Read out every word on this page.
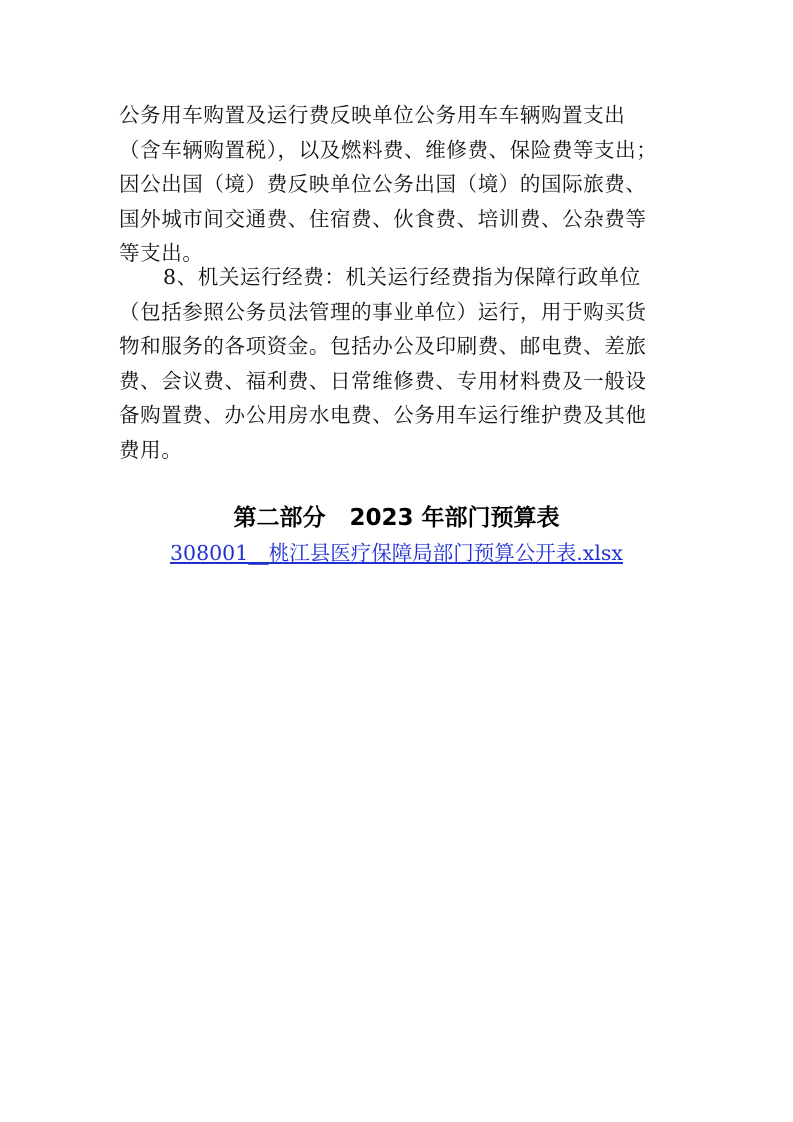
公务用车购置及运行费反映单位公务用车车辆购置支出
（含车辆购置税），以及燃料费、维修费、保险费等支出；
因公出国（境）费反映单位公务出国（境）的国际旅费、
国外城市间交通费、住宿费、伙食费、培训费、公杂费等
等支出。
8、机关运行经费：机关运行经费指为保障行政单位
（包括参照公务员法管理的事业单位）运行，用于购买货
物和服务的各项资金。包括办公及印刷费、邮电费、差旅
费、会议费、福利费、日常维修费、专用材料费及一般设
备购置费、办公用房水电费、公务用车运行维护费及其他
费用。
第二部分   2023 年部门预算表
308001__桃江县医疗保障局部门预算公开表.xlsx
